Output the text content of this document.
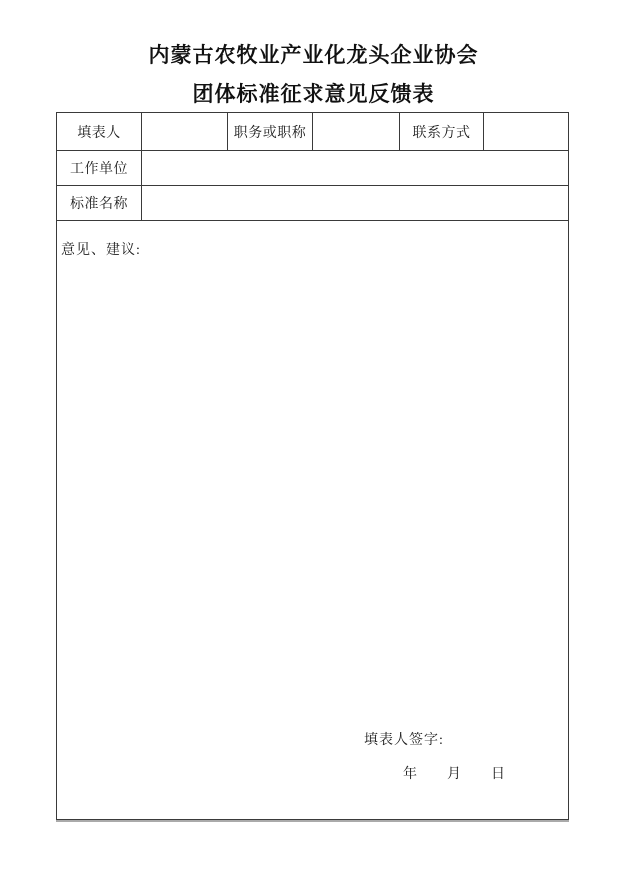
内蒙古农牧业产业化龙头企业协会
团体标准征求意见反馈表
填表人		职务或职称		联系方式	
工作单位					
标准名称					

意见、建议:
填表人签字:
年 月 日					
